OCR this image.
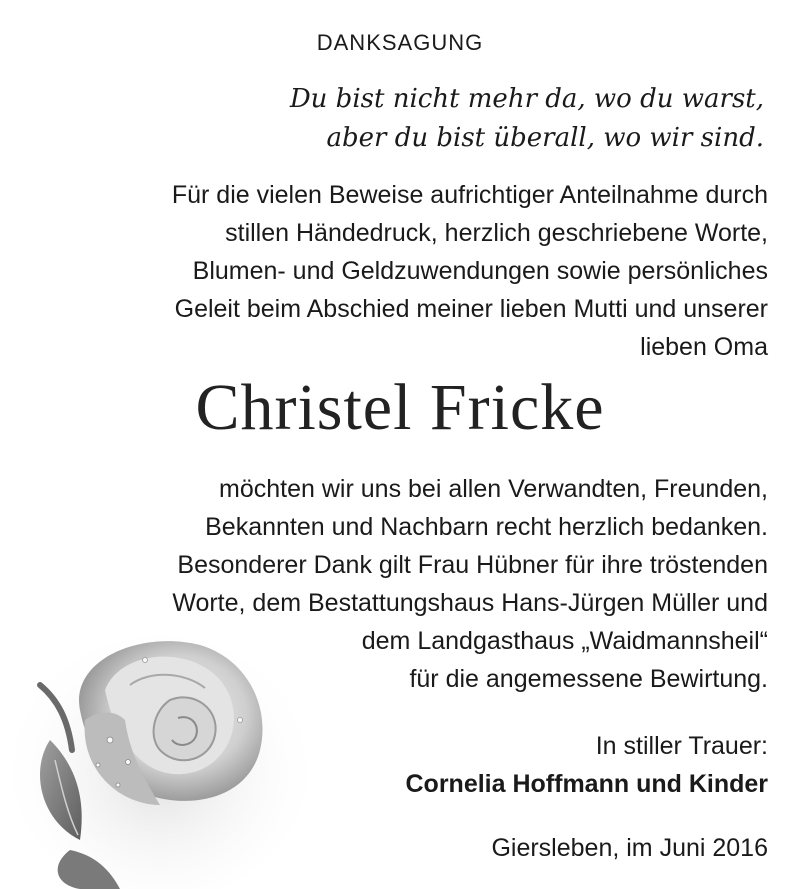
DANKSAGUNG
Du bist nicht mehr da, wo du warst,
aber du bist überall, wo wir sind.
Für die vielen Beweise aufrichtiger Anteilnahme durch
stillen Händedruck, herzlich geschriebene Worte,
Blumen- und Geldzuwendungen sowie persönliches
Geleit beim Abschied meiner lieben Mutti und unserer
lieben Oma
Christel Fricke
möchten wir uns bei allen Verwandten, Freunden,
Bekannten und Nachbarn recht herzlich bedanken.
Besonderer Dank gilt Frau Hübner für ihre tröstenden
Worte, dem Bestattungshaus Hans-Jürgen Müller und
dem Landgasthaus „Waidmannsheil“
für die angemessene Bewirtung.
In stiller Trauer:
Cornelia Hoffmann und Kinder
Giersleben, im Juni 2016
